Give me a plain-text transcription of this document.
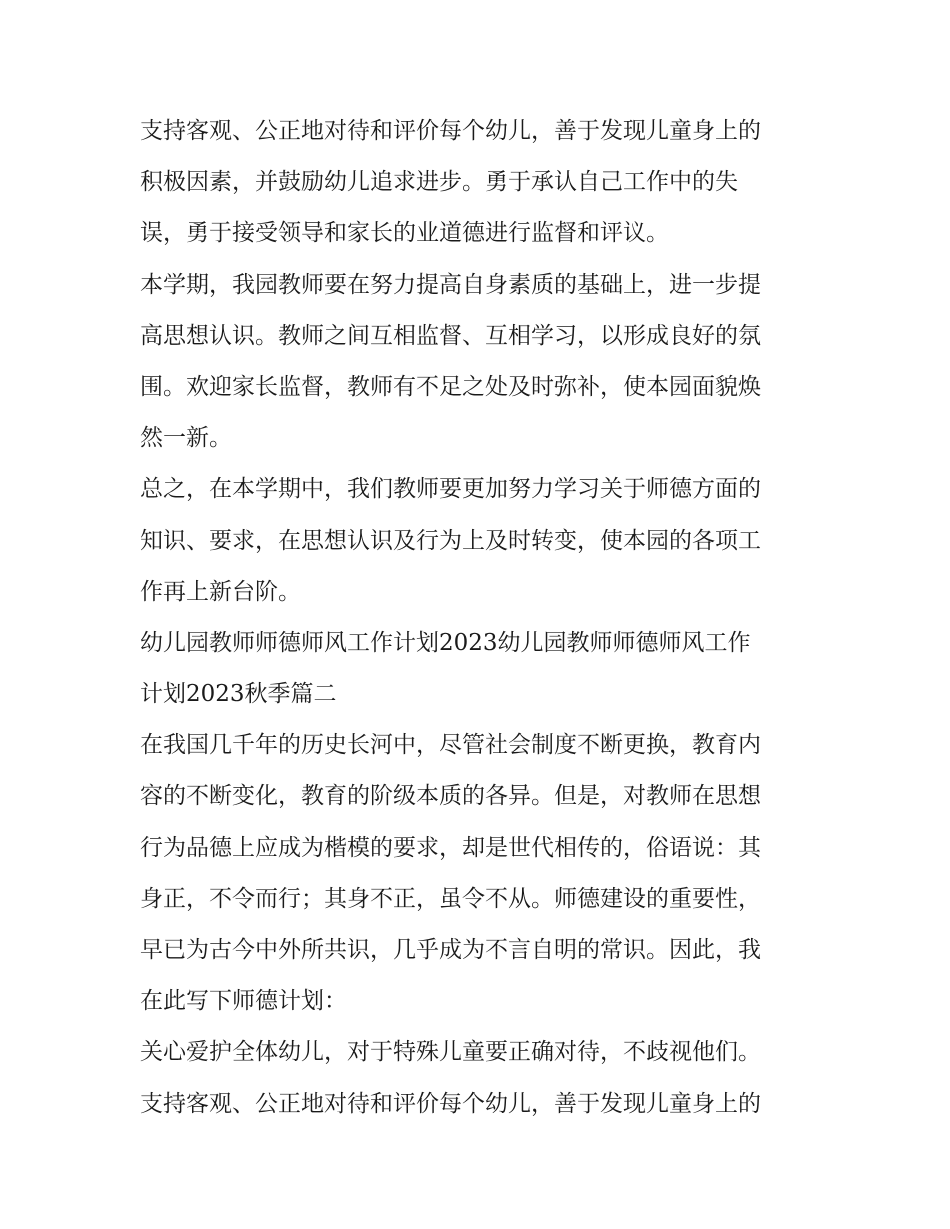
支持客观、公正地对待和评价每个幼儿，善于发现儿童身上的
积极因素，并鼓励幼儿追求进步。勇于承认自己工作中的失
误，勇于接受领导和家长的业道德进行监督和评议。
本学期，我园教师要在努力提高自身素质的基础上，进一步提
高思想认识。教师之间互相监督、互相学习，以形成良好的氛
围。欢迎家长监督，教师有不足之处及时弥补，使本园面貌焕
然一新。
总之，在本学期中，我们教师要更加努力学习关于师德方面的
知识、要求，在思想认识及行为上及时转变，使本园的各项工
作再上新台阶。
幼儿园教师师德师风工作计划2023幼儿园教师师德师风工作
计划2023秋季篇二
在我国几千年的历史长河中，尽管社会制度不断更换，教育内
容的不断变化，教育的阶级本质的各异。但是，对教师在思想
行为品德上应成为楷模的要求，却是世代相传的，俗语说：其
身正，不令而行；其身不正，虽令不从。师德建设的重要性，
早已为古今中外所共识，几乎成为不言自明的常识。因此，我
在此写下师德计划：
关心爱护全体幼儿，对于特殊儿童要正确对待，不歧视他们。
支持客观、公正地对待和评价每个幼儿，善于发现儿童身上的
